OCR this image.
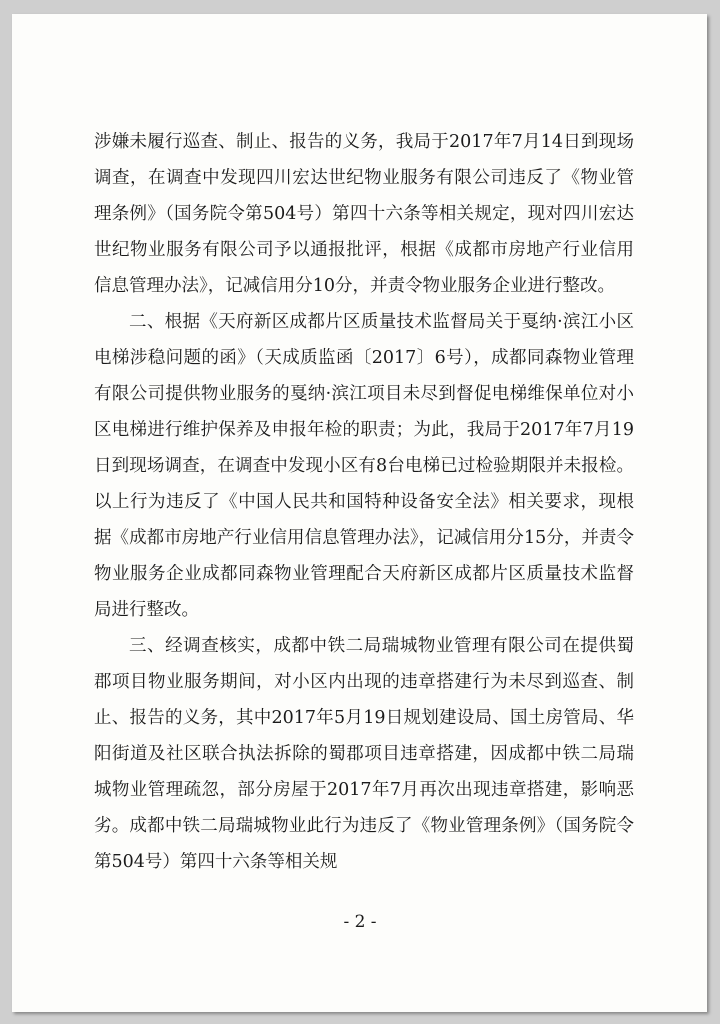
涉嫌未履行巡查、制止、报告的义务，我局于2017年7月14日到现场调查，在调查中发现四川宏达世纪物业服务有限公司违反了《物业管理条例》（国务院令第504号）第四十六条等相关规定，现对四川宏达世纪物业服务有限公司予以通报批评，根据《成都市房地产行业信用信息管理办法》，记减信用分10分，并责令物业服务企业进行整改。

二、根据《天府新区成都片区质量技术监督局关于戛纳·滨江小区电梯涉稳问题的函》（天成质监函〔2017〕6号），成都同森物业管理有限公司提供物业服务的戛纳·滨江项目未尽到督促电梯维保单位对小区电梯进行维护保养及申报年检的职责；为此，我局于2017年7月19日到现场调查，在调查中发现小区有8台电梯已过检验期限并未报检。以上行为违反了《中国人民共和国特种设备安全法》相关要求，现根据《成都市房地产行业信用信息管理办法》，记减信用分15分，并责令物业服务企业成都同森物业管理配合天府新区成都片区质量技术监督局进行整改。

三、经调查核实，成都中铁二局瑞城物业管理有限公司在提供蜀郡项目物业服务期间，对小区内出现的违章搭建行为未尽到巡查、制止、报告的义务，其中2017年5月19日规划建设局、国土房管局、华阳街道及社区联合执法拆除的蜀郡项目违章搭建，因成都中铁二局瑞城物业管理疏忽，部分房屋于2017年7月再次出现违章搭建，影响恶劣。成都中铁二局瑞城物业此行为违反了《物业管理条例》（国务院令第504号）第四十六条等相关规

- 2 -
